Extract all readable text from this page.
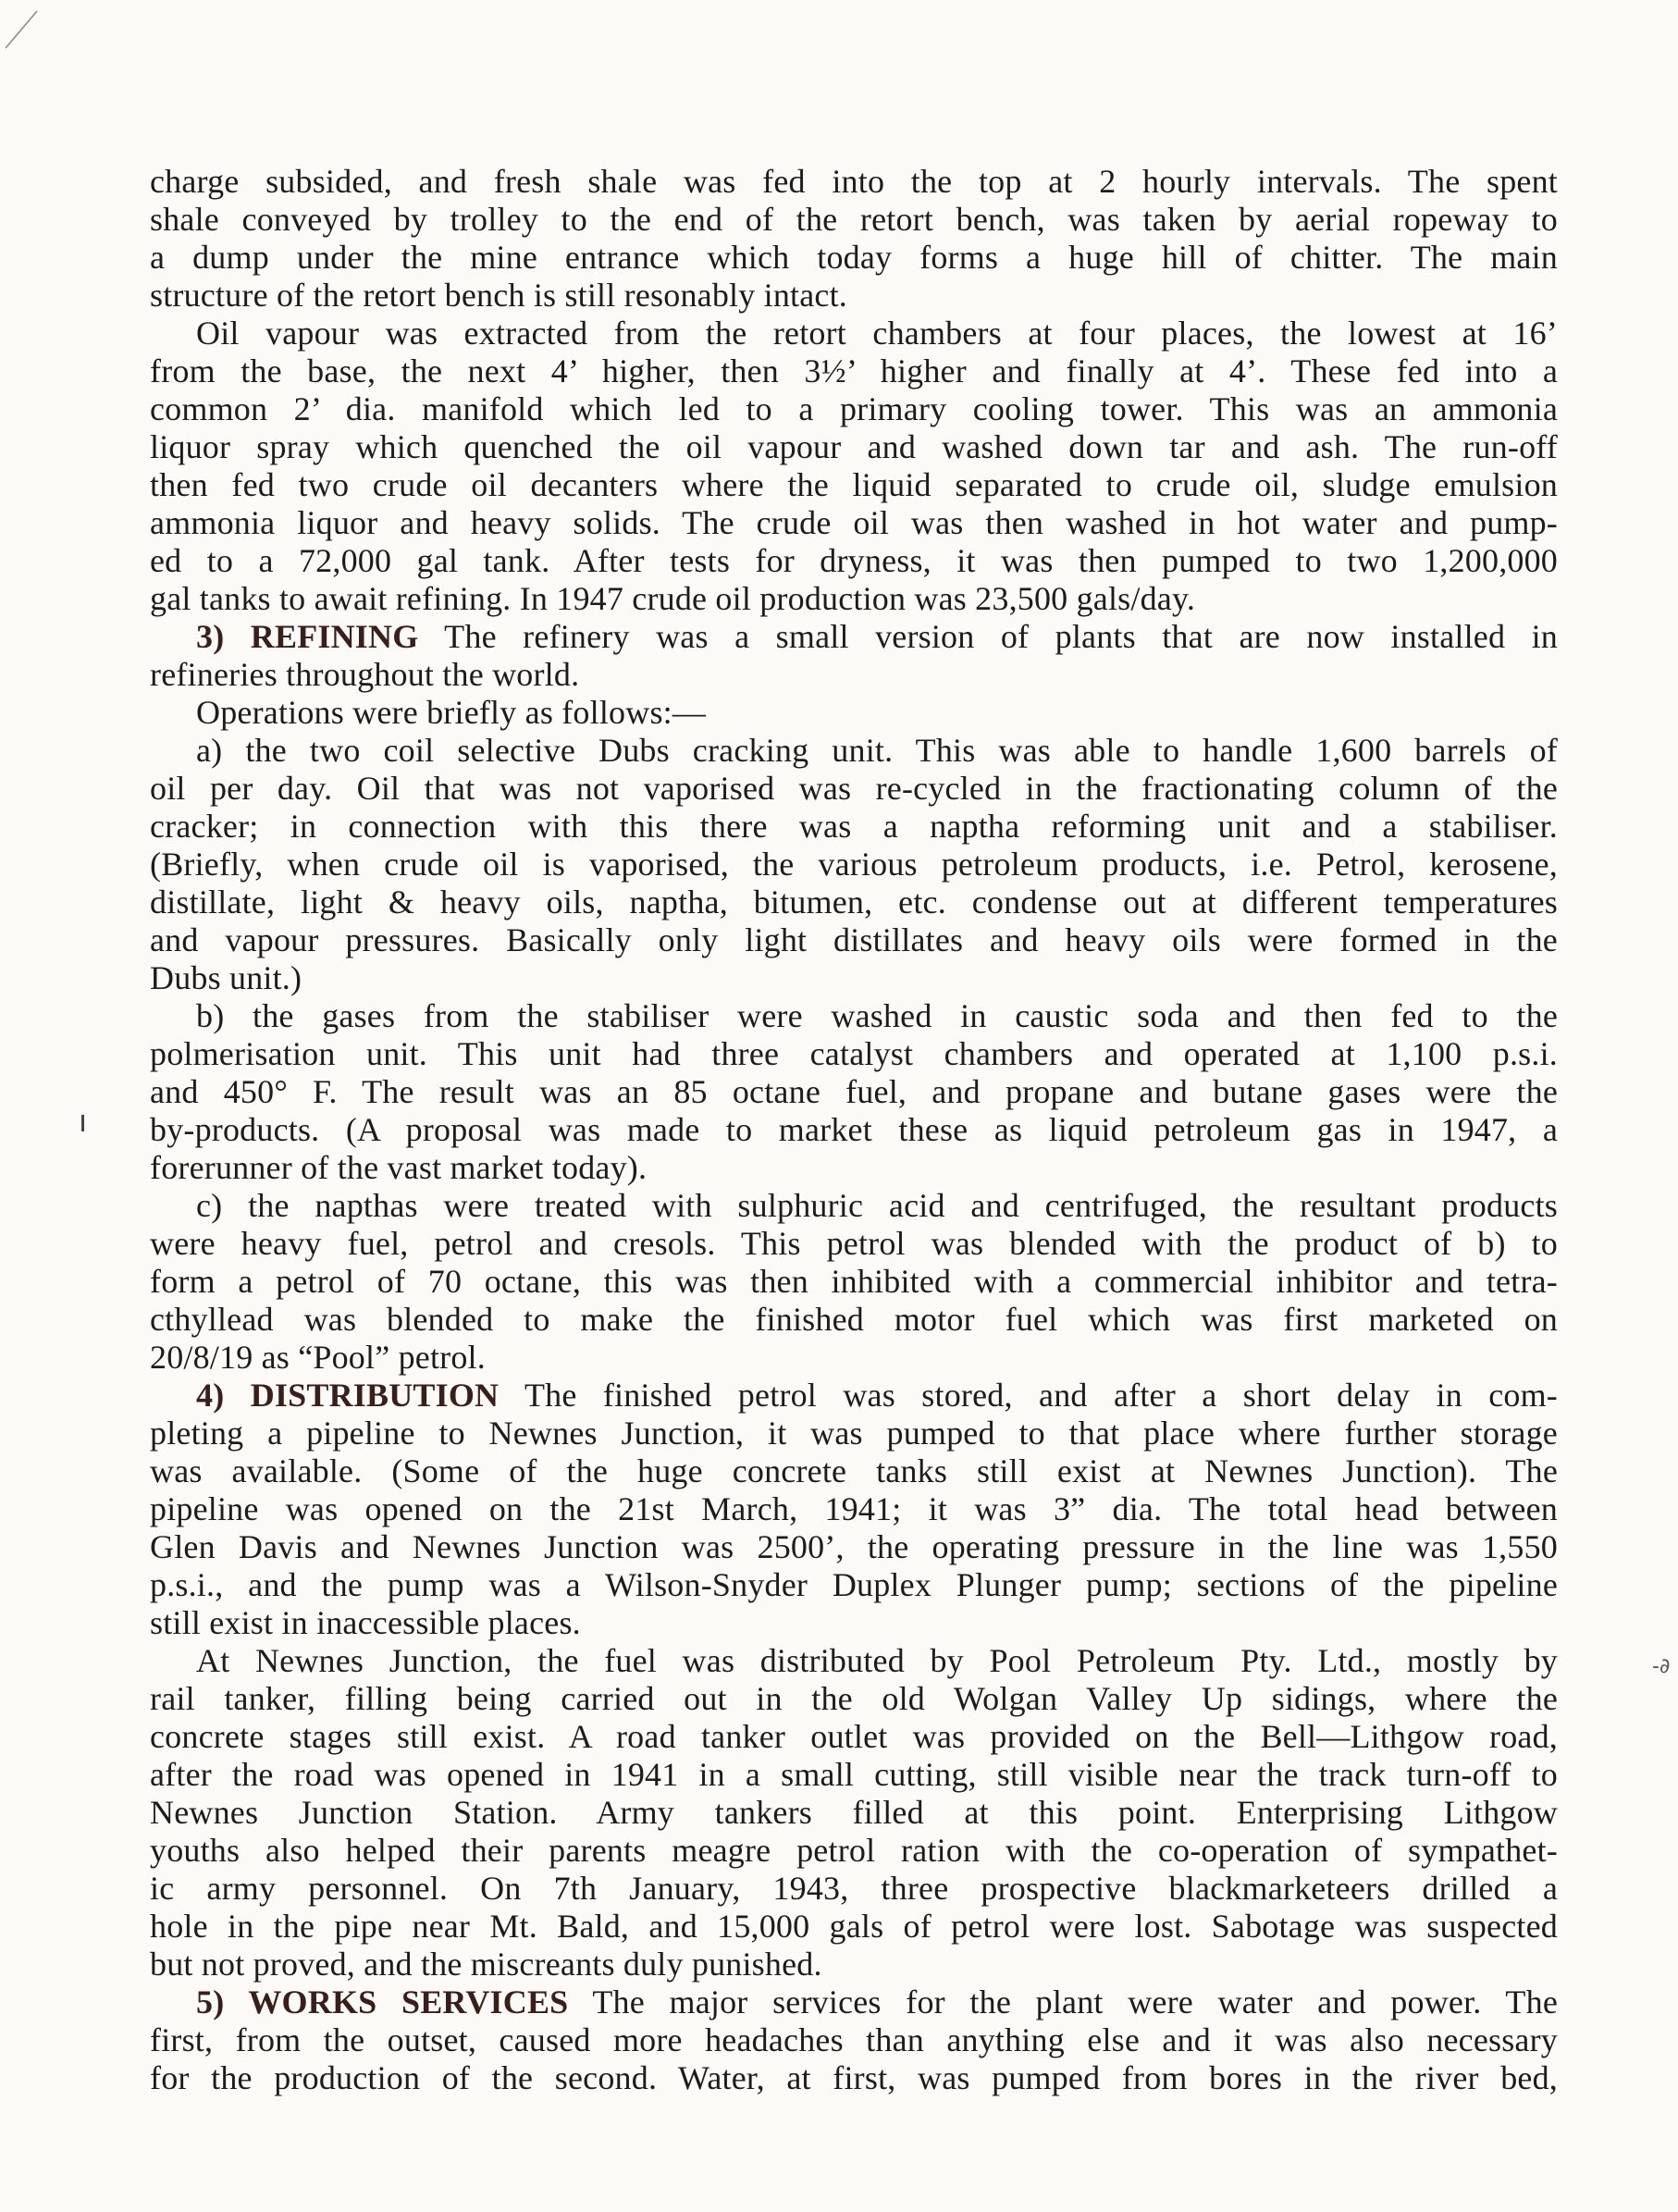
-∂
charge subsided, and fresh shale was fed into the top at 2 hourly intervals. The spent
shale conveyed by trolley to the end of the retort bench, was taken by aerial ropeway to
a dump under the mine entrance which today forms a huge hill of chitter. The main
structure of the retort bench is still resonably intact.
Oil vapour was extracted from the retort chambers at four places, the lowest at 16’
from the base, the next 4’ higher, then 3½’ higher and finally at 4’. These fed into a
common 2’ dia. manifold which led to a primary cooling tower. This was an ammonia
liquor spray which quenched the oil vapour and washed down tar and ash. The run-off
then fed two crude oil decanters where the liquid separated to crude oil, sludge emulsion
ammonia liquor and heavy solids. The crude oil was then washed in hot water and pump-
ed to a 72,000 gal tank. After tests for dryness, it was then pumped to two 1,200,000
gal tanks to await refining. In 1947 crude oil production was 23,500 gals/day.
3) REFINING The refinery was a small version of plants that are now installed in
refineries throughout the world.
Operations were briefly as follows:—
a) the two coil selective Dubs cracking unit. This was able to handle 1,600 barrels of
oil per day. Oil that was not vaporised was re-cycled in the fractionating column of the
cracker; in connection with this there was a naptha reforming unit and a stabiliser.
(Briefly, when crude oil is vaporised, the various petroleum products, i.e. Petrol, kerosene,
distillate, light & heavy oils, naptha, bitumen, etc. condense out at different temperatures
and vapour pressures. Basically only light distillates and heavy oils were formed in the
Dubs unit.)
b) the gases from the stabiliser were washed in caustic soda and then fed to the
polmerisation unit. This unit had three catalyst chambers and operated at 1,100 p.s.i.
and 450° F. The result was an 85 octane fuel, and propane and butane gases were the
by-products. (A proposal was made to market these as liquid petroleum gas in 1947, a
forerunner of the vast market today).
c) the napthas were treated with sulphuric acid and centrifuged, the resultant products
were heavy fuel, petrol and cresols. This petrol was blended with the product of b) to
form a petrol of 70 octane, this was then inhibited with a commercial inhibitor and tetra-
cthyllead was blended to make the finished motor fuel which was first marketed on
20/8/19 as “Pool” petrol.
4) DISTRIBUTION The finished petrol was stored, and after a short delay in com-
pleting a pipeline to Newnes Junction, it was pumped to that place where further storage
was available. (Some of the huge concrete tanks still exist at Newnes Junction). The
pipeline was opened on the 21st March, 1941; it was 3” dia. The total head between
Glen Davis and Newnes Junction was 2500’, the operating pressure in the line was 1,550
p.s.i., and the pump was a Wilson-Snyder Duplex Plunger pump; sections of the pipeline
still exist in inaccessible places.
At Newnes Junction, the fuel was distributed by Pool Petroleum Pty. Ltd., mostly by
rail tanker, filling being carried out in the old Wolgan Valley Up sidings, where the
concrete stages still exist. A road tanker outlet was provided on the Bell—Lithgow road,
after the road was opened in 1941 in a small cutting, still visible near the track turn-off to
Newnes Junction Station. Army tankers filled at this point. Enterprising Lithgow
youths also helped their parents meagre petrol ration with the co-operation of sympathet-
ic army personnel. On 7th January, 1943, three prospective blackmarketeers drilled a
hole in the pipe near Mt. Bald, and 15,000 gals of petrol were lost. Sabotage was suspected
but not proved, and the miscreants duly punished.
5) WORKS SERVICES The major services for the plant were water and power. The
first, from the outset, caused more headaches than anything else and it was also necessary
for the production of the second. Water, at first, was pumped from bores in the river bed,
